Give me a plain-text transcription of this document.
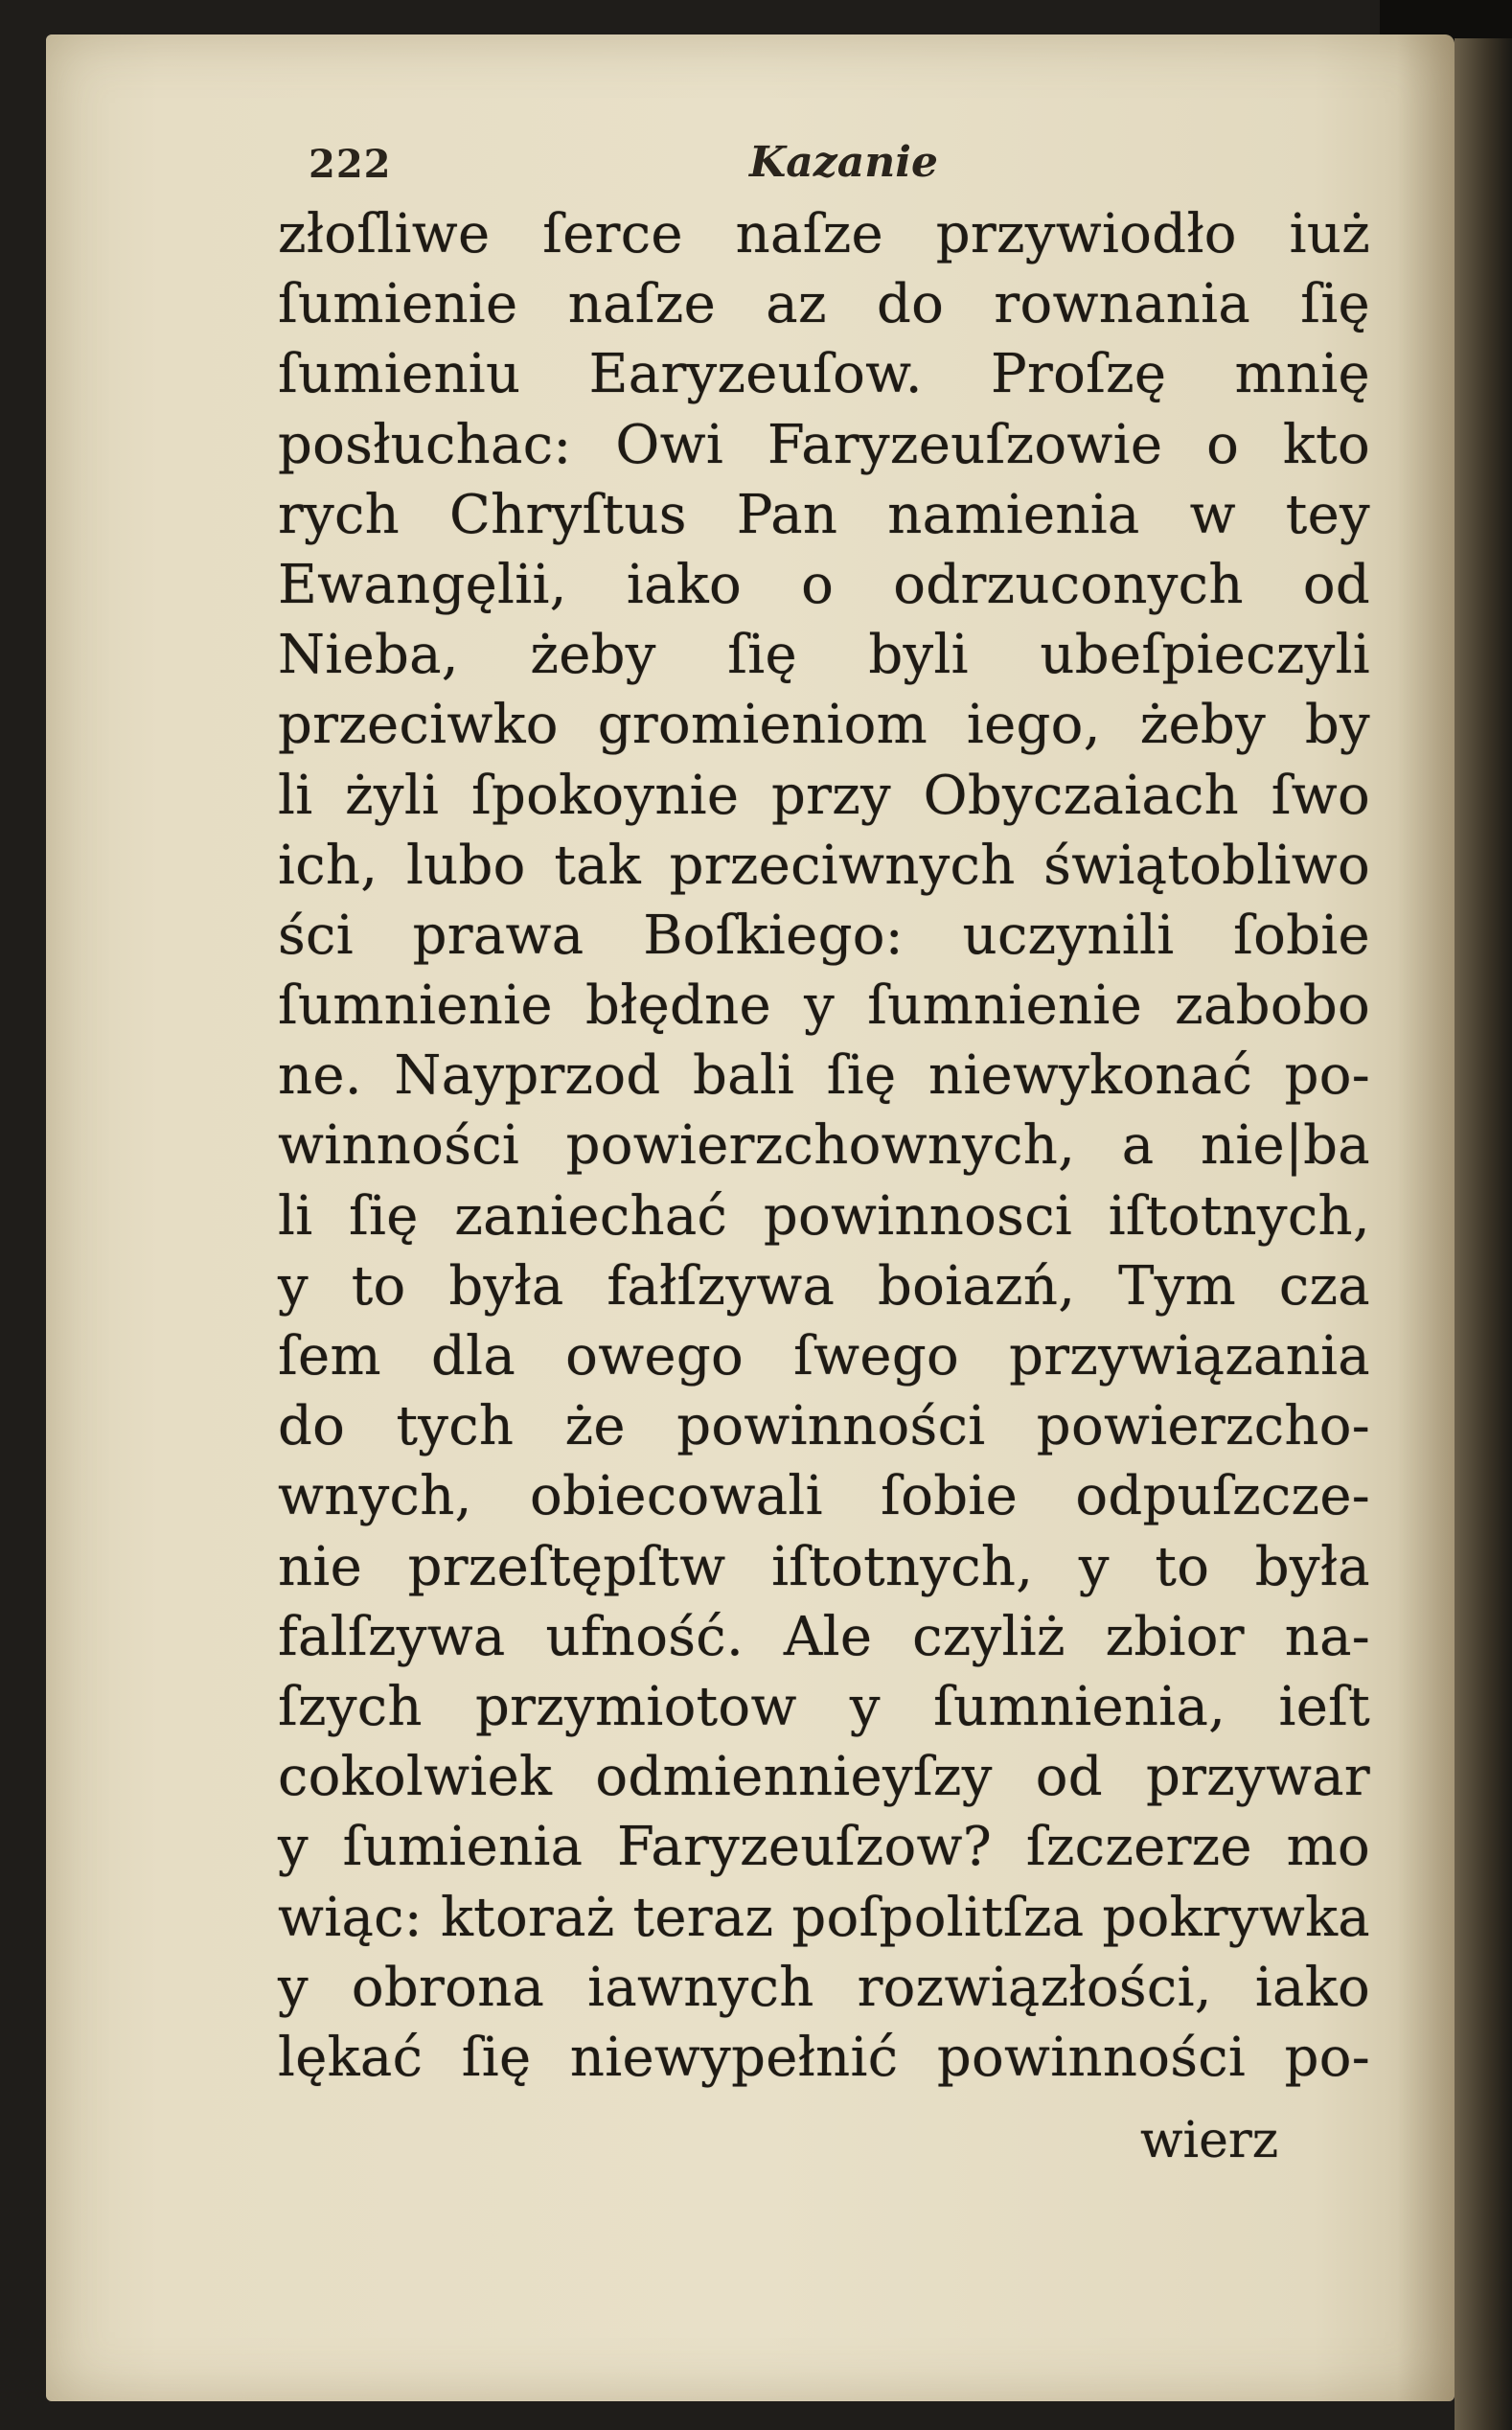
222	Kazanie
złoſliwe ſerce naſze przywiodło iuż
ſumienie naſze az do rownania ſię
ſumieniu Earyzeuſow. Proſzę mnię
posłuchac: Owi Faryzeuſzowie o kto
rych Chryſtus Pan namienia w tey
Ewangęlii, iako o odrzuconych od
Nieba, żeby ſię byli ubeſpieczyli
przeciwko gromieniom iego, żeby by
li żyli ſpokoynie przy Obyczaiach ſwo
ich, lubo tak przeciwnych świątobliwo
ści prawa Boſkiego: uczynili ſobie
ſumnienie błędne y ſumnienie zabobo
ne. Nayprzod bali ſię niewykonać po-
winności powierzchownych, a nie|ba
li ſię zaniechać powinnosci iſtotnych,
y to była fałſzywa boiazń, Tym cza
ſem dla owego ſwego przywiązania
do tych że powinności powierzcho-
wnych, obiecowali ſobie odpuſzcze-
nie przeſtępſtw iſtotnych, y to była
falſzywa ufność. Ale czyliż zbior na-
ſzych przymiotow y ſumnienia, ieſt
cokolwiek odmiennieyſzy od przywar
y ſumienia Faryzeuſzow? ſzczerze mo
wiąc: ktoraż teraz poſpolitſza pokrywka
y obrona iawnych rozwiązłości, iako
lękać ſię niewypełnić powinności po-
wierz
